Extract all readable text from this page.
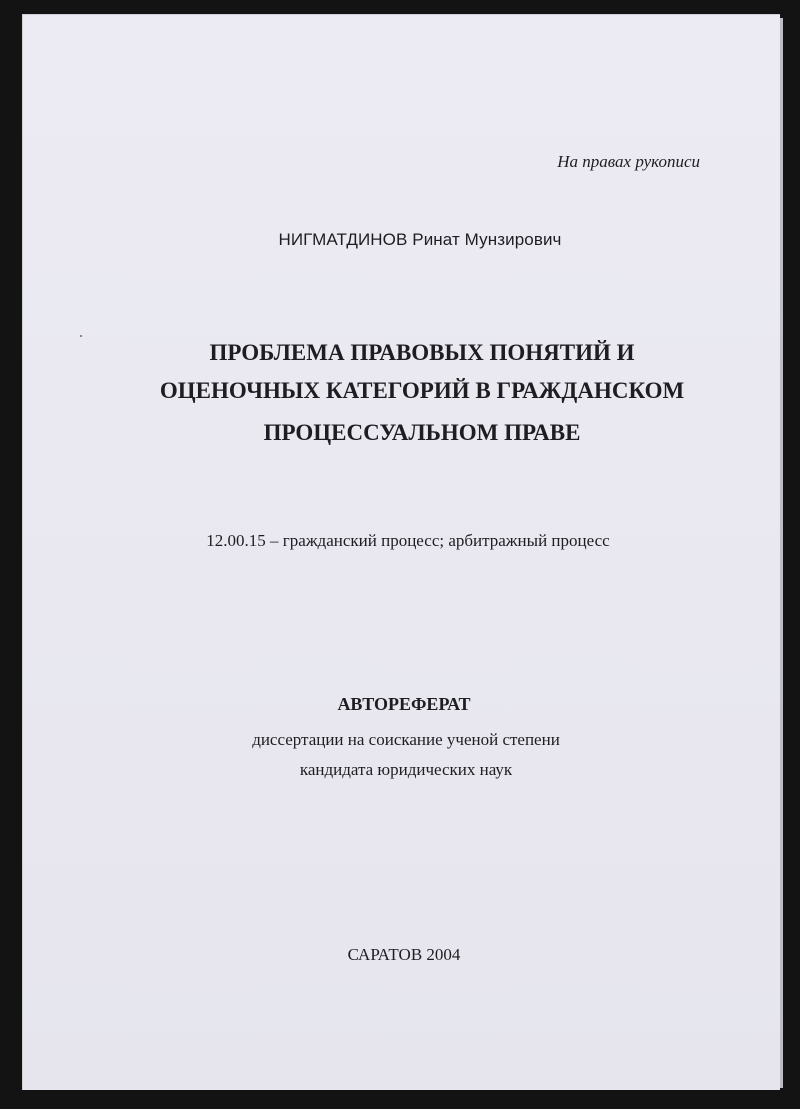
На правах рукописи

НИГМАТДИНОВ Ринат Мунзирович

ПРОБЛЕМА ПРАВОВЫХ ПОНЯТИЙ И

ОЦЕНОЧНЫХ КАТЕГОРИЙ В ГРАЖДАНСКОМ

ПРОЦЕССУАЛЬНОМ ПРАВЕ

12.00.15 – гражданский процесс; арбитражный процесс

АВТОРЕФЕРАТ

диссертации на соискание ученой степени

кандидата юридических наук

САРАТОВ 2004
